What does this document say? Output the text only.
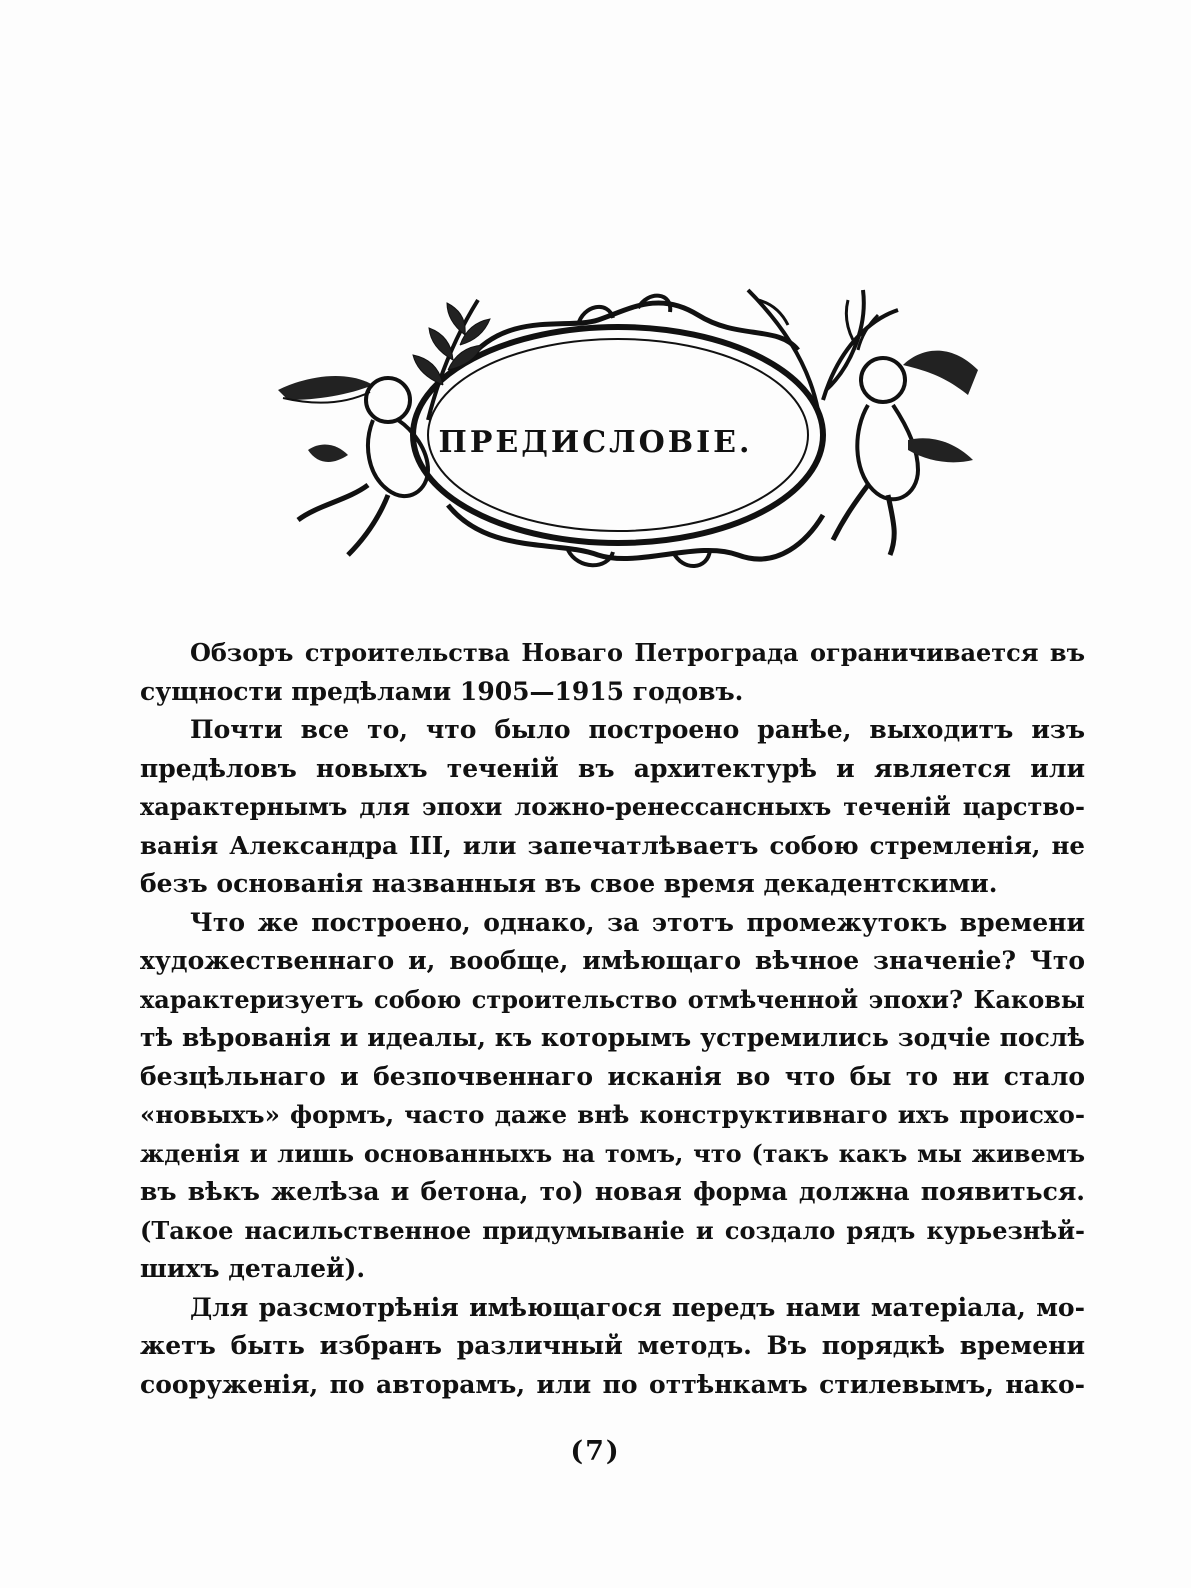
ПРЕДИСЛОВІЕ.
Обзоръ строительства Новаго Петрограда ограничивается въ
сущности предѣлами 1905—1915 годовъ.
Почти все то, что было построено ранѣе, выходитъ изъ
предѣловъ новыхъ теченій въ архитектурѣ и является или
характернымъ для эпохи ложно-ренессансныхъ теченій царство-
ванія Александра III, или запечатлѣваетъ собою стремленія, не
безъ основанія названныя въ свое время декадентскими.
Что же построено, однако, за этотъ промежутокъ времени
художественнаго и, вообще, имѣющаго вѣчное значеніе? Что
характеризуетъ собою строительство отмѣченной эпохи? Каковы
тѣ вѣрованія и идеалы, къ которымъ устремились зодчіе послѣ
безцѣльнаго и безпочвеннаго исканія во что бы то ни стало
«новыхъ» формъ, часто даже внѣ конструктивнаго ихъ происхо-
жденія и лишь основанныхъ на томъ, что (такъ какъ мы живемъ
въ вѣкъ желѣза и бетона, то) новая форма должна появиться.
(Такое насильственное придумываніе и создало рядъ курьезнѣй-
шихъ деталей).
Для разсмотрѣнія имѣющагося передъ нами матеріала, мо-
жетъ быть избранъ различный методъ. Въ порядкѣ времени
сооруженія, по авторамъ, или по оттѣнкамъ стилевымъ, нако-
(7)
